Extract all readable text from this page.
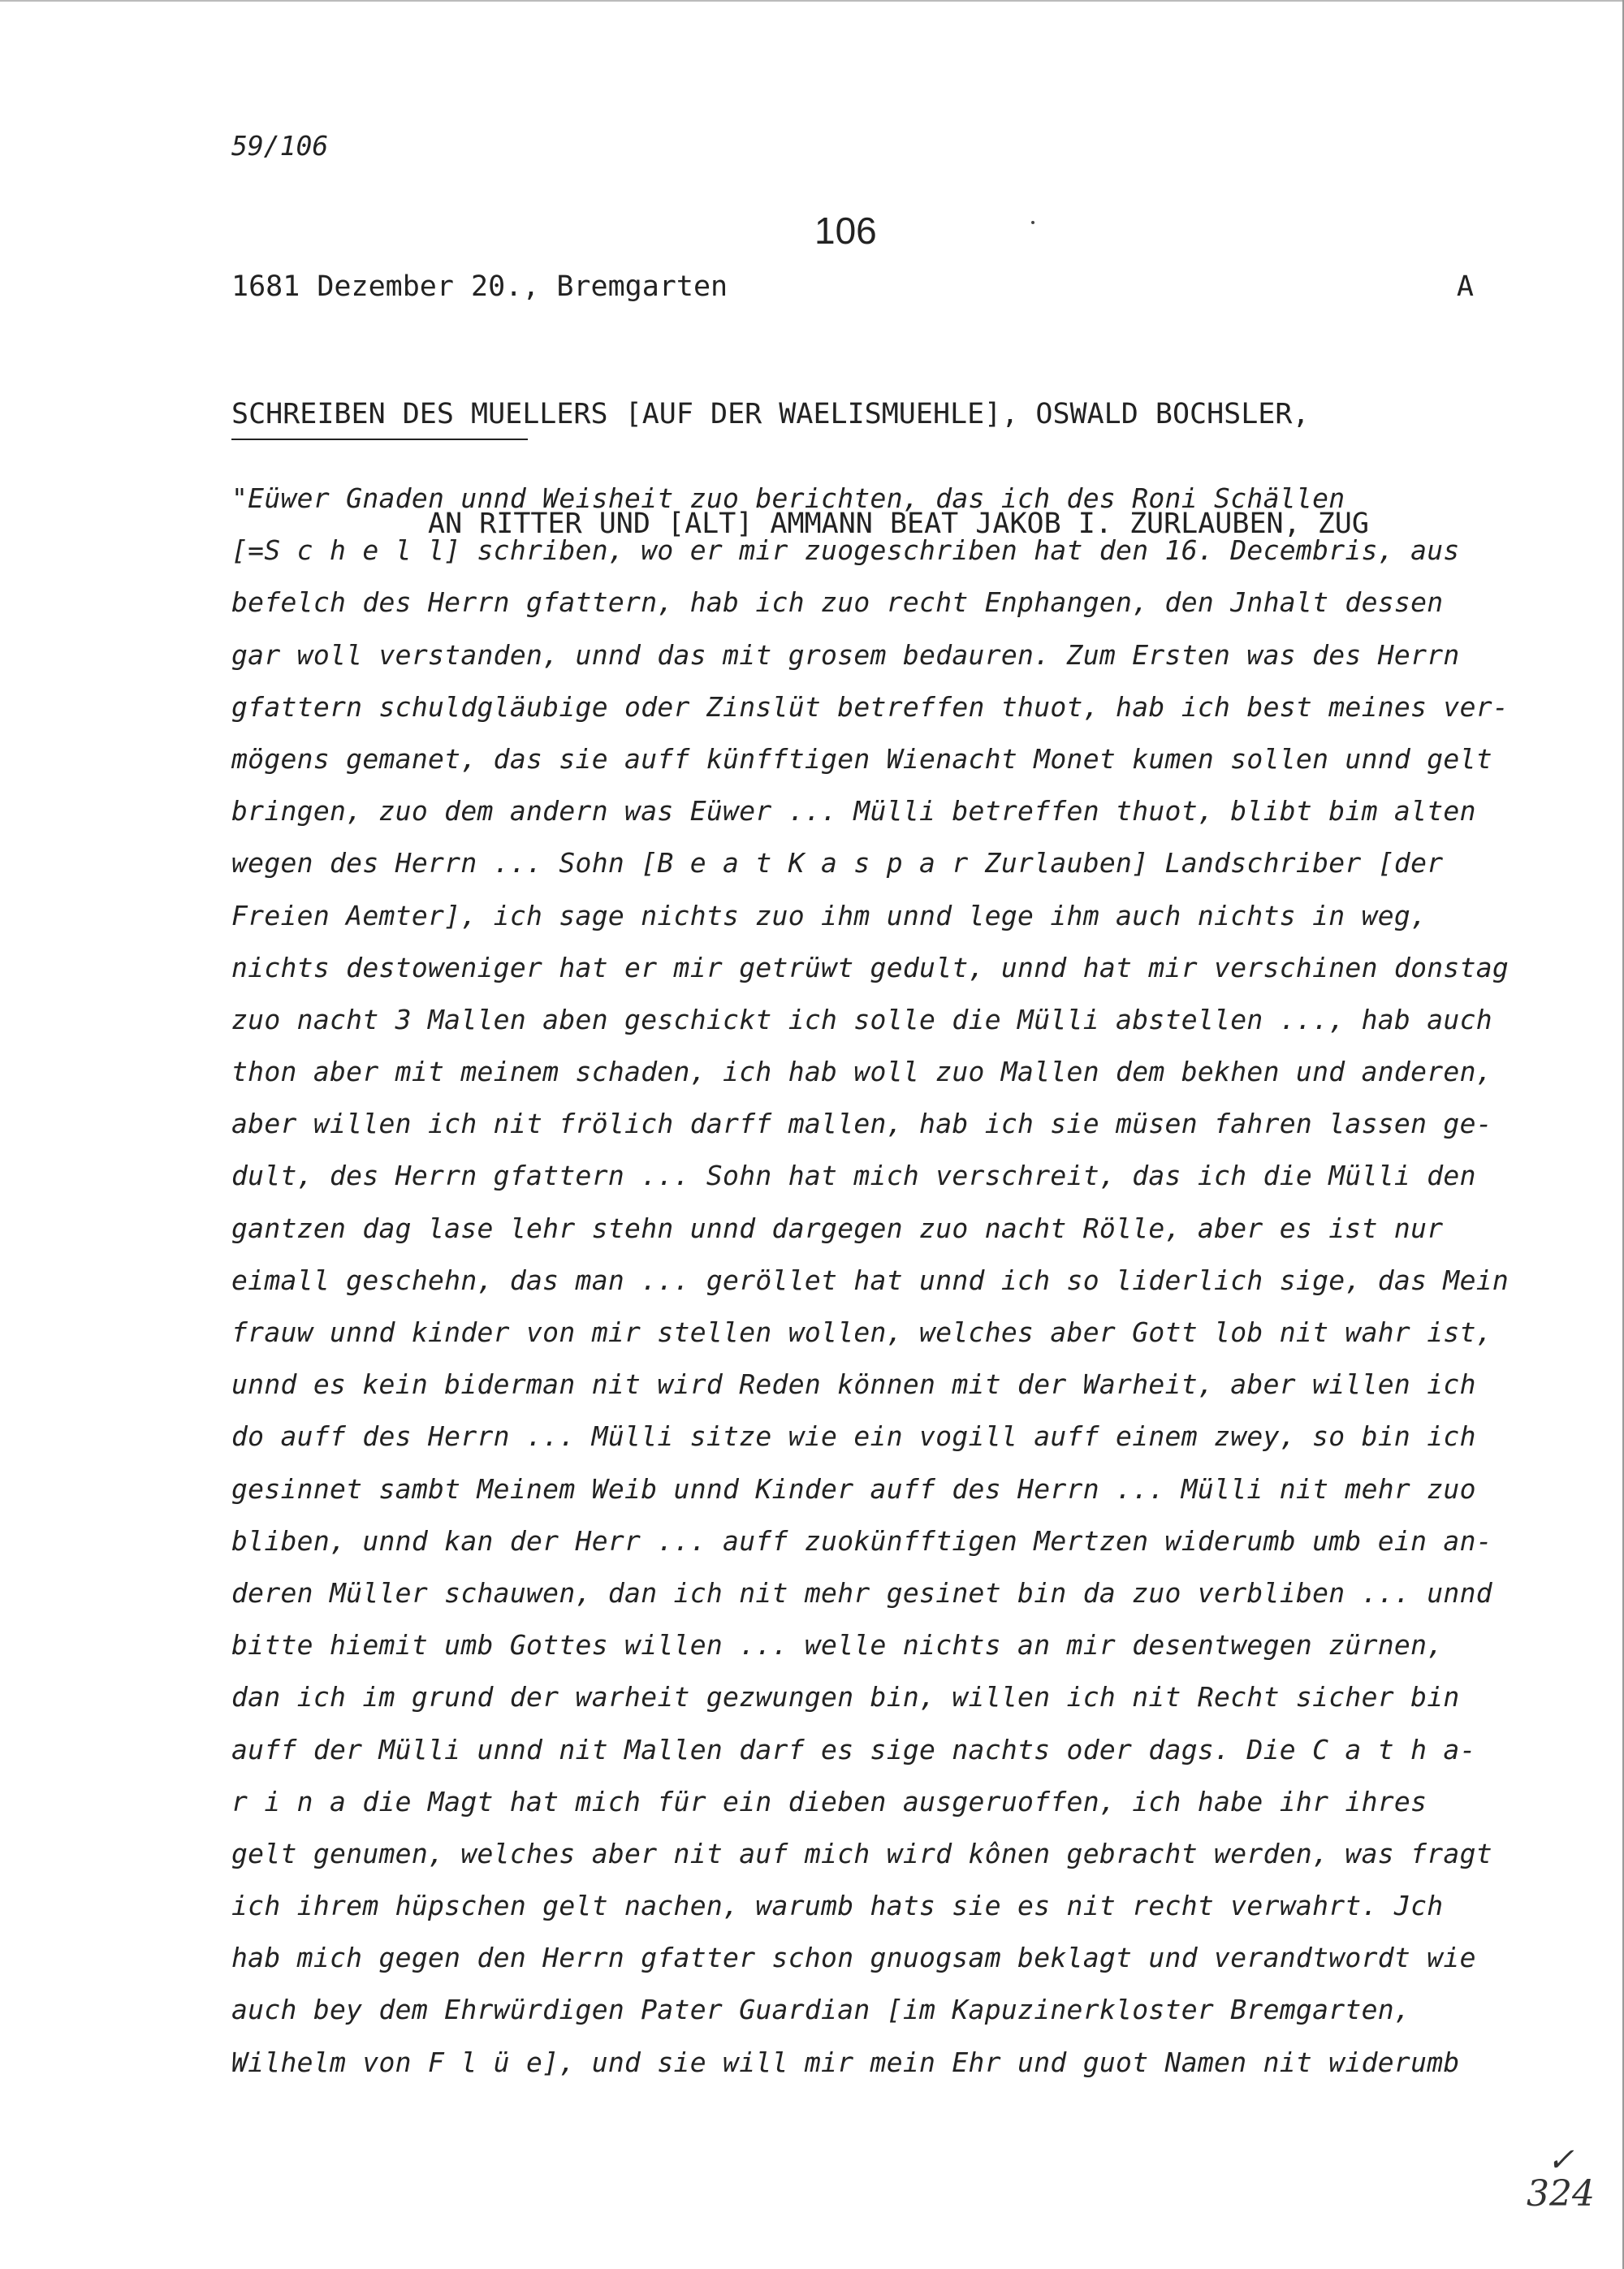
59/106
106
1681 Dezember 20., Bremgarten	A

SCHREIBEN DES MUELLERS [AUF DER WAELISMUEHLE], OSWALD BOCHSLER,

AN RITTER UND [ALT] AMMANN BEAT JAKOB I. ZURLAUBEN, ZUG

"Eüwer Gnaden unnd Weisheit zuo berichten, das ich des Roni Schällen
[=S c h e l l] schriben, wo er mir zuogeschriben hat den 16. Decembris, aus
befelch des Herrn gfattern, hab ich zuo recht Enphangen, den Jnhalt dessen
gar woll verstanden, unnd das mit grosem bedauren. Zum Ersten was des Herrn
gfattern schuldgläubige oder Zinslüt betreffen thuot, hab ich best meines ver-
mögens gemanet, das sie auff künfftigen Wienacht Monet kumen sollen unnd gelt
bringen, zuo dem andern was Eüwer ... Mülli betreffen thuot, blibt bim alten
wegen des Herrn ... Sohn [B e a t K a s p a r Zurlauben] Landschriber [der
Freien Aemter], ich sage nichts zuo ihm unnd lege ihm auch nichts in weg,
nichts destoweniger hat er mir getrüwt gedult, unnd hat mir verschinen donstag
zuo nacht 3 Mallen aben geschickt ich solle die Mülli abstellen ..., hab auch
thon aber mit meinem schaden, ich hab woll zuo Mallen dem bekhen und anderen,
aber willen ich nit frölich darff mallen, hab ich sie müsen fahren lassen ge-
dult, des Herrn gfattern ... Sohn hat mich verschreit, das ich die Mülli den
gantzen dag lase lehr stehn unnd dargegen zuo nacht Rölle, aber es ist nur
eimall geschehn, das man ... geröllet hat unnd ich so liderlich sige, das Mein
frauw unnd kinder von mir stellen wollen, welches aber Gott lob nit wahr ist,
unnd es kein biderman nit wird Reden können mit der Warheit, aber willen ich
do auff des Herrn ... Mülli sitze wie ein vogill auff einem zwey, so bin ich
gesinnet sambt Meinem Weib unnd Kinder auff des Herrn ... Mülli nit mehr zuo
bliben, unnd kan der Herr ... auff zuokünfftigen Mertzen widerumb umb ein an-
deren Müller schauwen, dan ich nit mehr gesinet bin da zuo verbliben ... unnd
bitte hiemit umb Gottes willen ... welle nichts an mir desentwegen zürnen,
dan ich im grund der warheit gezwungen bin, willen ich nit Recht sicher bin
auff der Mülli unnd nit Mallen darf es sige nachts oder dags. Die C a t h a-
r i n a die Magt hat mich für ein dieben ausgeruoffen, ich habe ihr ihres
gelt genumen, welches aber nit auf mich wird kônen gebracht werden, was fragt
ich ihrem hüpschen gelt nachen, warumb hats sie es nit recht verwahrt. Jch
hab mich gegen den Herrn gfatter schon gnuogsam beklagt und verandtwordt wie
auch bey dem Ehrwürdigen Pater Guardian [im Kapuzinerkloster Bremgarten,
Wilhelm von F l ü e], und sie will mir mein Ehr und guot Namen nit widerumb
✓
324
